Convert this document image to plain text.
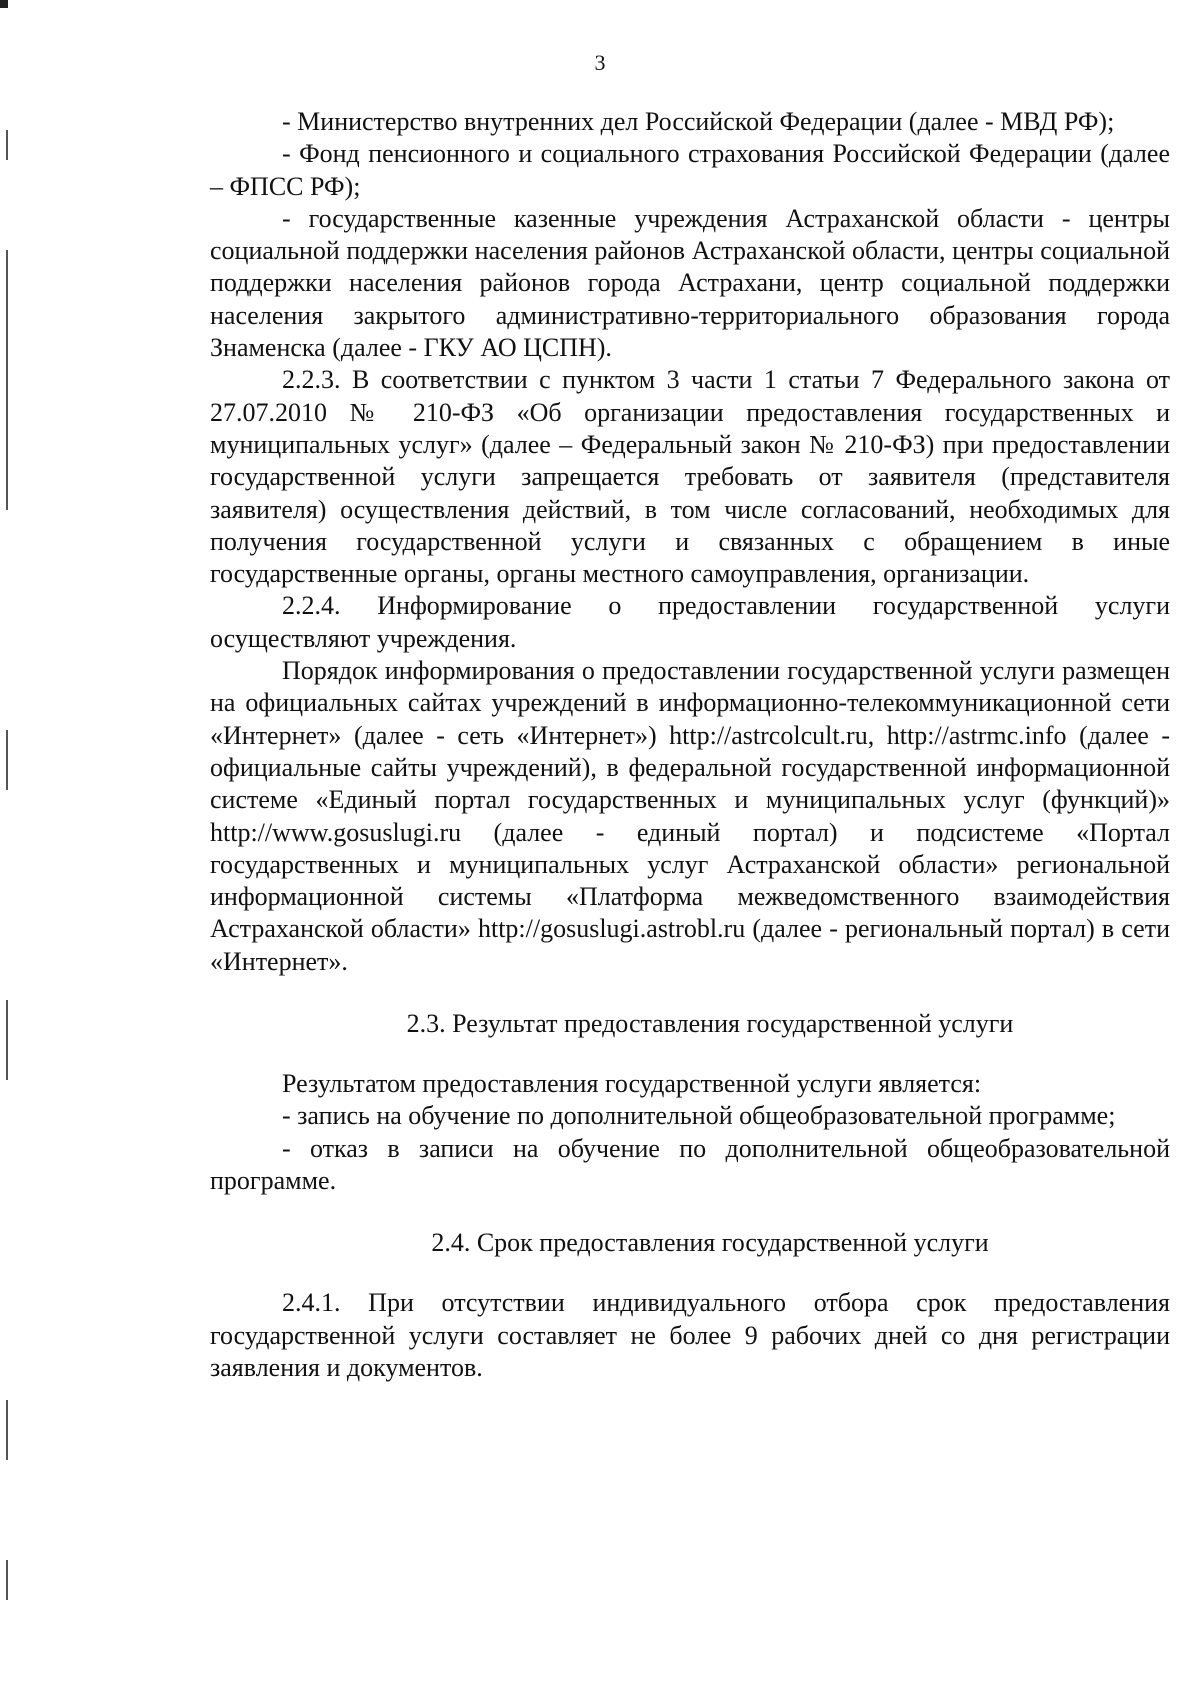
3

- Министерство внутренних дел Российской Федерации (далее - МВД РФ);

- Фонд пенсионного и социального страхования Российской Федерации (далее – ФПСС РФ);

- государственные казенные учреждения Астраханской области - центры социальной поддержки населения районов Астраханской области, центры социальной поддержки населения районов города Астрахани, центр социальной поддержки населения закрытого административно-территориального образования города Знаменска (далее - ГКУ АО ЦСПН).

2.2.3. В соответствии с пунктом 3 части 1 статьи 7 Федерального закона от 27.07.2010 № 210-ФЗ «Об организации предоставления государственных и муниципальных услуг» (далее – Федеральный закон № 210-ФЗ) при предоставлении государственной услуги запрещается требовать от заявителя (представителя заявителя) осуществления действий, в том числе согласований, необходимых для получения государственной услуги и связанных с обращением в иные государственные органы, органы местного самоуправления, организации.

2.2.4. Информирование о предоставлении государственной услуги осуществляют учреждения.

Порядок информирования о предоставлении государственной услуги размещен на официальных сайтах учреждений в информационно-телекоммуникационной сети «Интернет» (далее - сеть «Интернет») http://astrcolcult.ru, http://astrmc.info (далее - официальные сайты учреждений), в федеральной государственной информационной системе «Единый портал государственных и муниципальных услуг (функций)» http://www.gosuslugi.ru (далее - единый портал) и подсистеме «Портал государственных и муниципальных услуг Астраханской области» региональной информационной системы «Платформа межведомственного взаимодействия Астраханской области» http://gosuslugi.astrobl.ru (далее - региональный портал) в сети «Интернет».

2.3. Результат предоставления государственной услуги

Результатом предоставления государственной услуги является:

- запись на обучение по дополнительной общеобразовательной программе;

- отказ в записи на обучение по дополнительной общеобразовательной программе.

2.4. Срок предоставления государственной услуги

2.4.1. При отсутствии индивидуального отбора срок предоставления государственной услуги составляет не более 9 рабочих дней со дня регистрации заявления и документов.
